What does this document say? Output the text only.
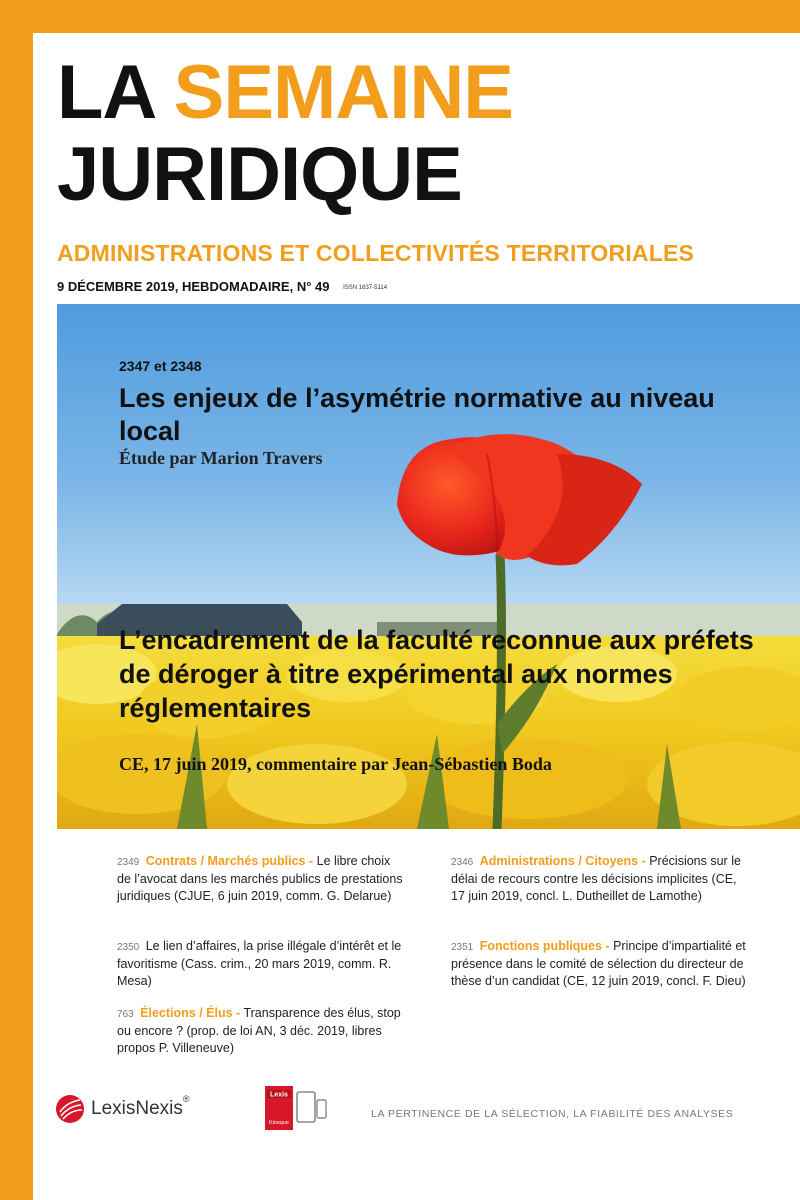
LA SEMAINE
JURIDIQUE
ADMINISTRATIONS ET COLLECTIVITÉS TERRITORIALES
9 DÉCEMBRE 2019, HEBDOMADAIRE, N° 49 ISSN 1637-5114
2347 et 2348
Les enjeux de l’asymétrie normative au niveau local
Étude par Marion Travers
L’encadrement de la faculté reconnue aux préfets de déroger à titre expérimental aux normes réglementaires
CE, 17 juin 2019, commentaire par Jean-Sébastien Boda
2349 Contrats / Marchés publics - Le libre choix de l’avocat dans les marchés publics de prestations juridiques (CJUE, 6 juin 2019, comm. G. Delarue)
2350 Le lien d’affaires, la prise illégale d’intérêt et le favoritisme (Cass. crim., 20 mars 2019, comm. R. Mesa)
763 Élections / Élus - Transparence des élus, stop ou encore ? (prop. de loi AN, 3 déc. 2019, libres propos P. Villeneuve)
2346 Administrations / Citoyens - Précisions sur le délai de recours contre les décisions implicites (CE, 17 juin 2019, concl. L. Dutheillet de Lamothe)
2351 Fonctions publiques - Principe d’impartialité et présence dans le comité de sélection du directeur de thèse d’un candidat (CE, 12 juin 2019, concl. F. Dieu)
LexisNexis ®	Lexis
Kiosque
LA PERTINENCE DE LA SÉLECTION, LA FIABILITÉ DES ANALYSES
